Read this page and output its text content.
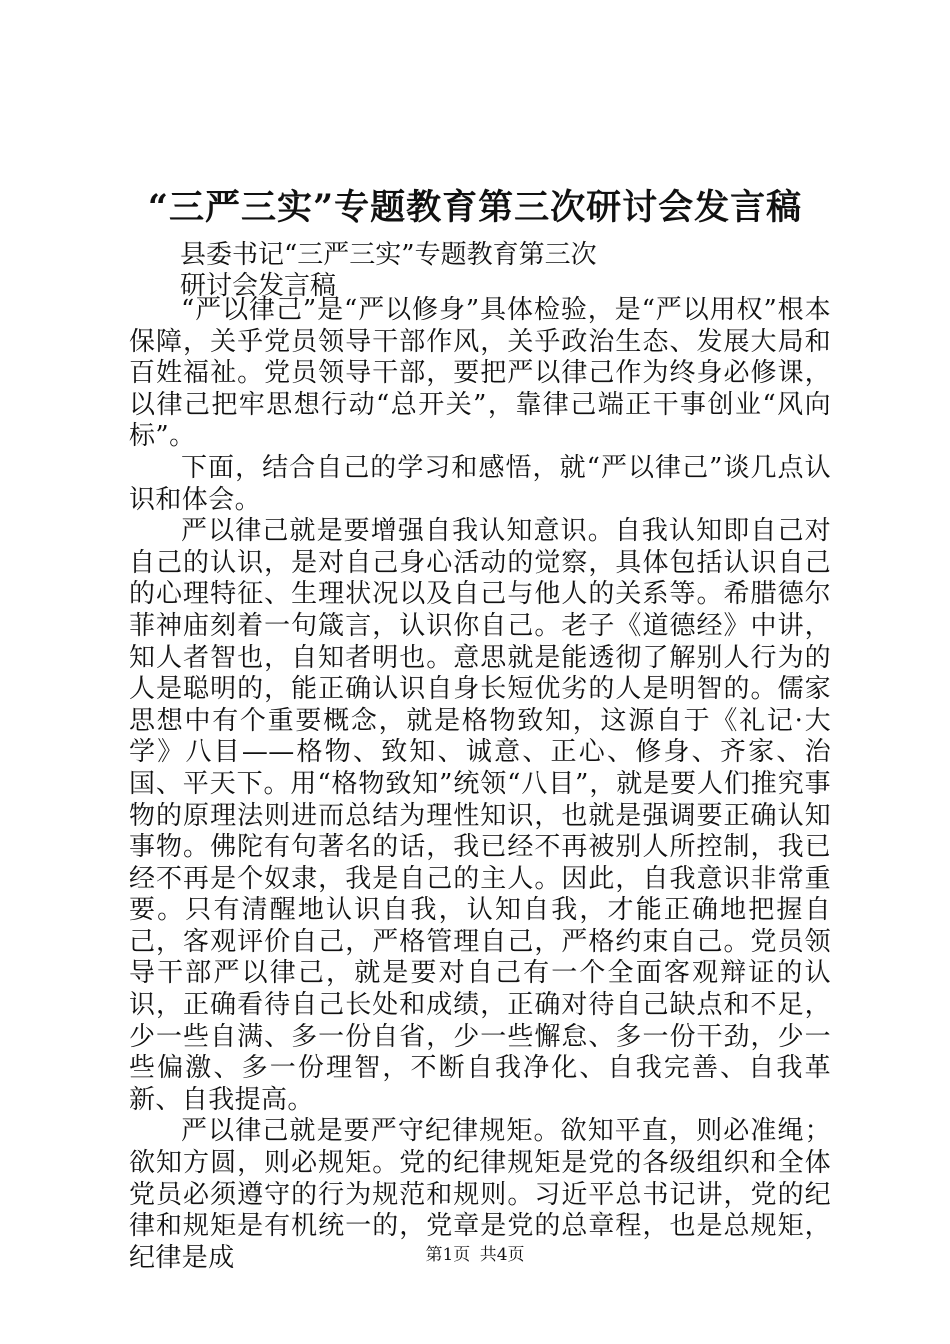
“三严三实”专题教育第三次研讨会发言稿

县委书记“三严三实”专题教育第三次

研讨会发言稿

“严以律己”是“严以修身”具体检验，是“严以用权”根本保障，关乎党员领导干部作风，关乎政治生态、发展大局和百姓福祉。党员领导干部，要把严以律己作为终身必修课，以律己把牢思想行动“总开关”，靠律己端正干事创业“风向标”。

下面，结合自己的学习和感悟，就“严以律己”谈几点认识和体会。

严以律己就是要增强自我认知意识。自我认知即自己对自己的认识，是对自己身心活动的觉察，具体包括认识自己的心理特征、生理状况以及自己与他人的关系等。希腊德尔菲神庙刻着一句箴言，认识你自己。老子《道德经》中讲，知人者智也，自知者明也。意思就是能透彻了解别人行为的人是聪明的，能正确认识自身长短优劣的人是明智的。儒家思想中有个重要概念，就是格物致知，这源自于《礼记·大学》八目——格物、致知、诚意、正心、修身、齐家、治国、平天下。用“格物致知”统领“八目”，就是要人们推究事物的原理法则进而总结为理性知识，也就是强调要正确认知事物。佛陀有句著名的话，我已经不再被别人所控制，我已经不再是个奴隶，我是自己的主人。因此，自我意识非常重要。只有清醒地认识自我，认知自我，才能正确地把握自己，客观评价自己，严格管理自己，严格约束自己。党员领导干部严以律己，就是要对自己有一个全面客观辩证的认识，正确看待自己长处和成绩，正确对待自己缺点和不足，少一些自满、多一份自省，少一些懈怠、多一份干劲，少一些偏激、多一份理智，不断自我净化、自我完善、自我革新、自我提高。

严以律己就是要严守纪律规矩。欲知平直，则必准绳；欲知方圆，则必规矩。党的纪律规矩是党的各级组织和全体党员必须遵守的行为规范和规则。习近平总书记讲，党的纪律和规矩是有机统一的，党章是党的总章程，也是总规矩，纪律是成	第1页 共4页
